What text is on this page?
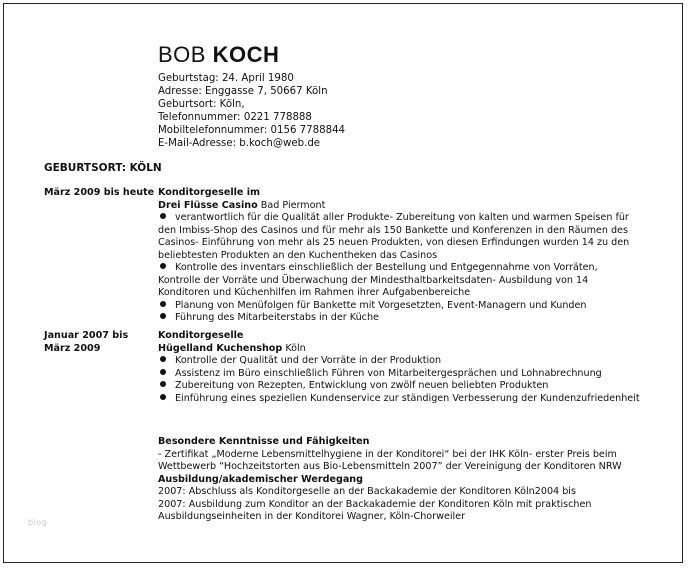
BOB KOCH
Geburtstag: 24. April 1980
Adresse: Enggasse 7, 50667 Köln
Geburtsort: Köln,
Telefonnummer: 0221 778888
Mobiltelefonnummer: 0156 7788844
E-Mail-Adresse: b.koch@web.de
GEBURTSORT: KÖLN
März 2009 bis heute Konditorgeselle im
Drei Flüsse Casino Bad Piermont
verantwortlich für die Qualität aller Produkte- Zubereitung von kalten und warmen Speisen für den Imbiss-Shop des Casinos und für mehr als 150 Bankette und Konferenzen in den Räumen des Casinos- Einführung von mehr als 25 neuen Produkten, von diesen Erfindungen wurden 14 zu den beliebtesten Produkten an den Kuchentheken das Casinos
Kontrolle des inventars einschließlich der Bestellung und Entgegennahme von Vorräten, Kontrolle der Vorräte und Überwachung der Mindesthaltbarkeitsdaten- Ausbildung von 14 Konditoren und Küchenhilfen im Rahmen ihrer Aufgabenbereiche
Planung von Menüfolgen für Bankette mit Vorgesetzten, Event-Managern und Kunden
Führung des Mitarbeiterstabs in der Küche
Januar 2007 bis März 2009
Konditorgeselle
Hügelland Kuchenshop Köln
Kontrolle der Qualität und der Vorräte in der Produktion
Assistenz im Büro einschließlich Führen von Mitarbeitergesprächen und Lohnabrechnung
Zubereitung von Rezepten, Entwicklung von zwölf neuen beliebten Produkten
Einführung eines speziellen Kundenservice zur ständigen Verbesserung der Kundenzufriedenheit
Besondere Kenntnisse und Fähigkeiten
- Zertifikat „Moderne Lebensmittelhygiene in der Konditorei“ bei der IHK Köln- erster Preis beim Wettbewerb “Hochzeitstorten aus Bio-Lebensmitteln 2007” der Vereinigung der Konditoren NRW
Ausbildung/akademischer Werdegang
2007: Abschluss als Konditorgeselle an der Backakademie der Konditoren Köln2004 bis
2007: Ausbildung zum Konditor an der Backakademie der Konditoren Köln mit praktischen Ausbildungseinheiten in der Konditorei Wagner, Köln-Chorweiler
blog
